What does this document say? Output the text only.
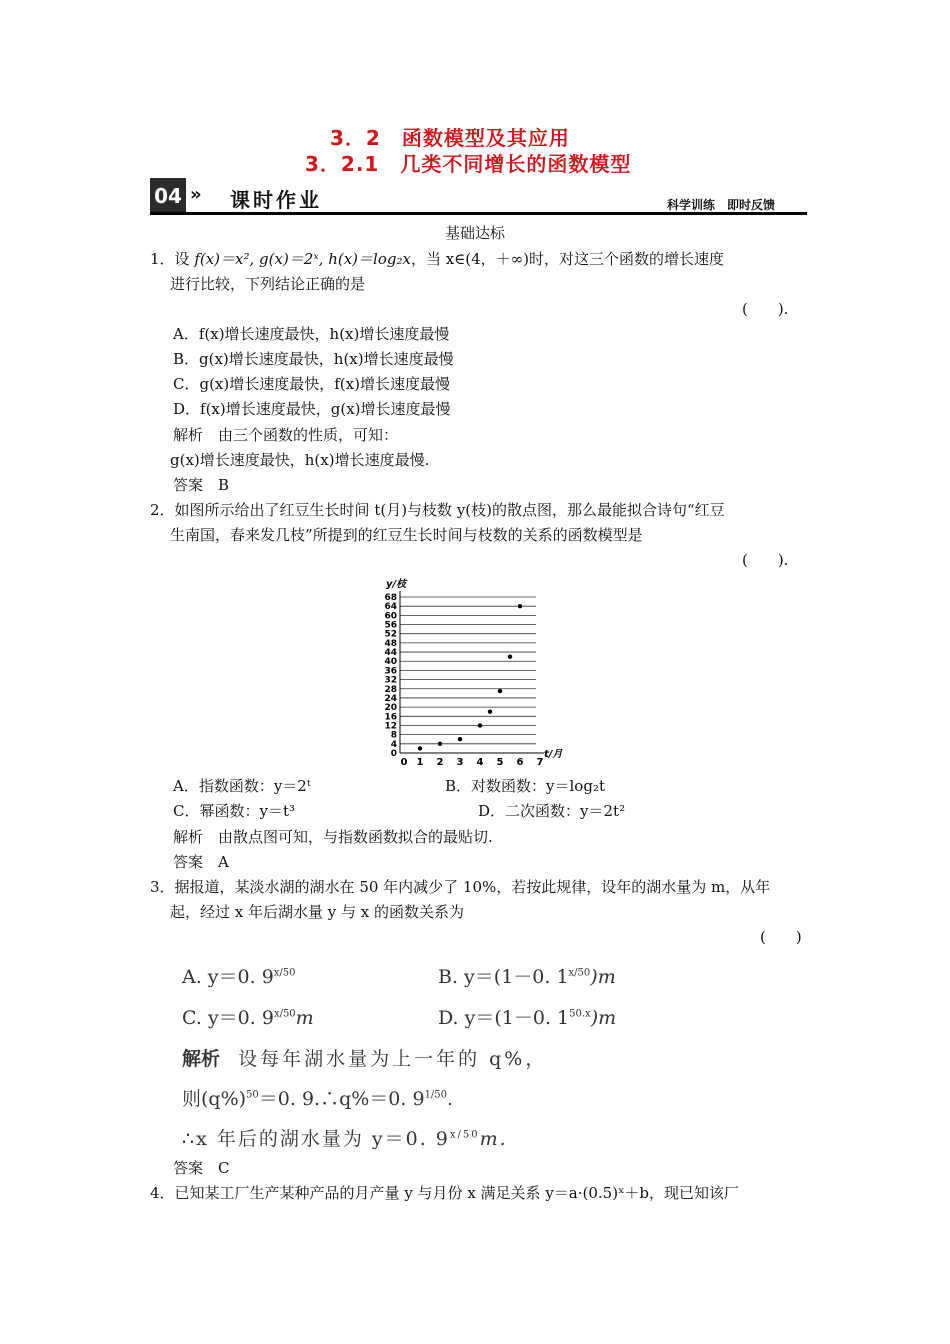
3．2　函数模型及其应用
3．2.1　几类不同增长的函数模型
04 » 课时作业	科学训练　即时反馈
基础达标
1．设 f(x)＝x², g(x)＝2ˣ, h(x)＝log₂x，当 x∈(4，＋∞)时，对这三个函数的增长速度
进行比较，下列结论正确的是
(　　).
A．f(x)增长速度最快，h(x)增长速度最慢
B．g(x)增长速度最快，h(x)增长速度最慢
C．g(x)增长速度最快，f(x)增长速度最慢
D．f(x)增长速度最快，g(x)增长速度最慢
解析　由三个函数的性质，可知：
g(x)增长速度最快，h(x)增长速度最慢.
答案　B
2．如图所示给出了红豆生长时间 t(月)与枝数 y(枝)的散点图，那么最能拟合诗句“红豆
生南国，春来发几枝”所提到的红豆生长时间与枝数的关系的函数模型是
(　　).
0
4
8
12
16
20
24
28
32
36
40
44
48
52
56
60
64
68
0 1 2 3 4 5 6 7
y/枝
t/月
A．指数函数：y＝2ᵗ	B．对数函数：y＝log₂t
C．幂函数：y＝t³	D．二次函数：y＝2t²
解析　由散点图可知，与指数函数拟合的最贴切.
答案　A
3．据报道，某淡水湖的湖水在 50 年内减少了 10%，若按此规律，设年的湖水量为 m，从年
起，经过 x 年后湖水量 y 与 x 的函数关系为
(　　)
A. y＝0. $9^{x/50}$	B. y＝(1－0. $1^{x/50})m$
C. y＝0. $9^{x/50}m$	D. y＝(1－0. $1^{50.x})m$
解析 设每年湖水量为上一年的 q%，
则$(q\%)^{50}=0$. 9.∴q%＝0. $9^{1/50}$.
∴x 年后的湖水量为 y＝0. $9^{x/50}m$.
答案　C
4．已知某工厂生产某种产品的月产量 y 与月份 x 满足关系 y＝a·(0.5)ˣ＋b，现已知该厂
